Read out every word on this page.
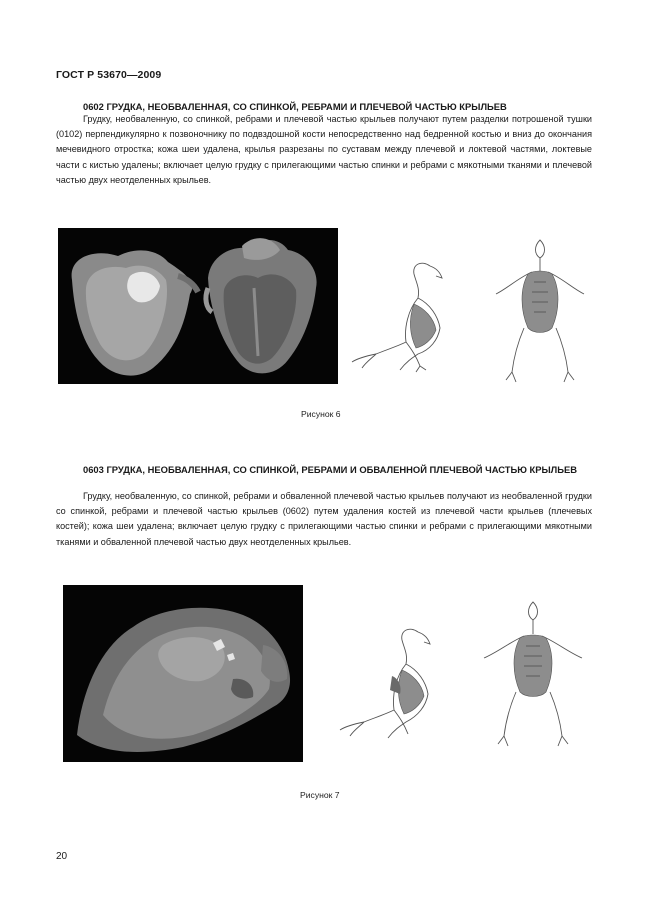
ГОСТ Р 53670—2009
0602 ГРУДКА, НЕОБВАЛЕННАЯ, СО СПИНКОЙ, РЕБРАМИ И ПЛЕЧЕВОЙ ЧАСТЬЮ КРЫЛЬЕВ
Грудку, необваленную, со спинкой, ребрами и плечевой частью крыльев получают путем разделки потрошеной тушки (0102) перпендикулярно к позвоночнику по подвздошной кости непосредственно над бедренной костью и вниз до окончания мечевидного отростка; кожа шеи удалена, крылья разрезаны по суставам между плечевой и локтевой частями, локтевые части с кистью удалены; включает целую грудку с прилегающими частью спинки и ребрами с мякотными тканями и плечевой частью двух неотделенных крыльев.
Рисунок 6
0603 ГРУДКА, НЕОБВАЛЕННАЯ, СО СПИНКОЙ, РЕБРАМИ И ОБВАЛЕННОЙ ПЛЕЧЕВОЙ ЧАСТЬЮ КРЫЛЬЕВ
Грудку, необваленную, со спинкой, ребрами и обваленной плечевой частью крыльев получают из необваленной грудки со спинкой, ребрами и плечевой частью крыльев (0602) путем удаления костей из плечевой части крыльев (плечевых костей); кожа шеи удалена; включает целую грудку с прилегающими частью спинки и ребрами с прилегающими мякотными тканями и обваленной плечевой частью двух неотделенных крыльев.
Рисунок 7
20
